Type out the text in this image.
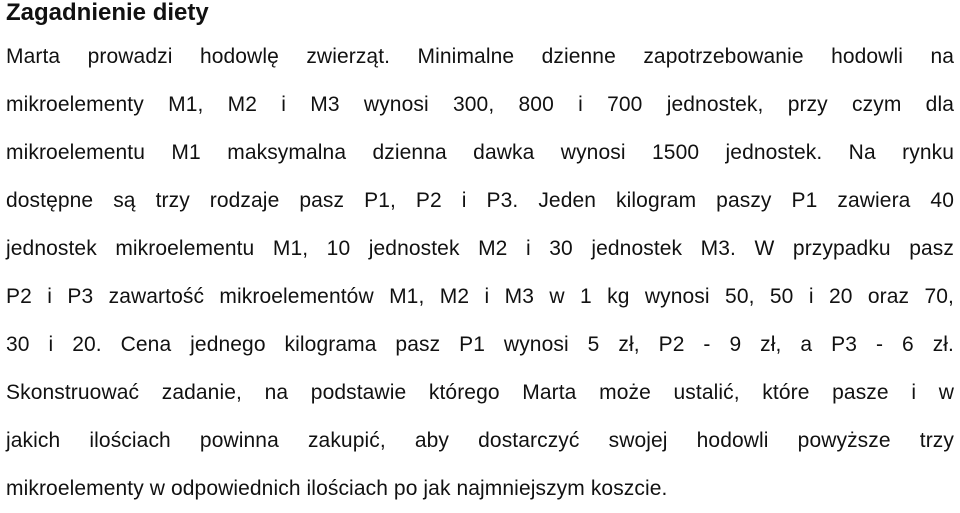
Zagadnienie diety
Marta prowadzi hodowlę zwierząt. Minimalne dzienne zapotrzebowanie hodowli na
mikroelementy M1, M2 i M3 wynosi 300, 800 i 700 jednostek, przy czym dla
mikroelementu M1 maksymalna dzienna dawka wynosi 1500 jednostek. Na rynku
dostępne są trzy rodzaje pasz P1, P2 i P3. Jeden kilogram paszy P1 zawiera 40
jednostek mikroelementu M1, 10 jednostek M2 i 30 jednostek M3. W przypadku pasz
P2 i P3 zawartość mikroelementów M1, M2 i M3 w 1 kg wynosi 50, 50 i 20 oraz 70,
30 i 20. Cena jednego kilograma pasz P1 wynosi 5 zł, P2 - 9 zł, a P3 - 6 zł.
Skonstruować zadanie, na podstawie którego Marta może ustalić, które pasze i w
jakich ilościach powinna zakupić, aby dostarczyć swojej hodowli powyższe trzy
mikroelementy w odpowiednich ilościach po jak najmniejszym koszcie.
